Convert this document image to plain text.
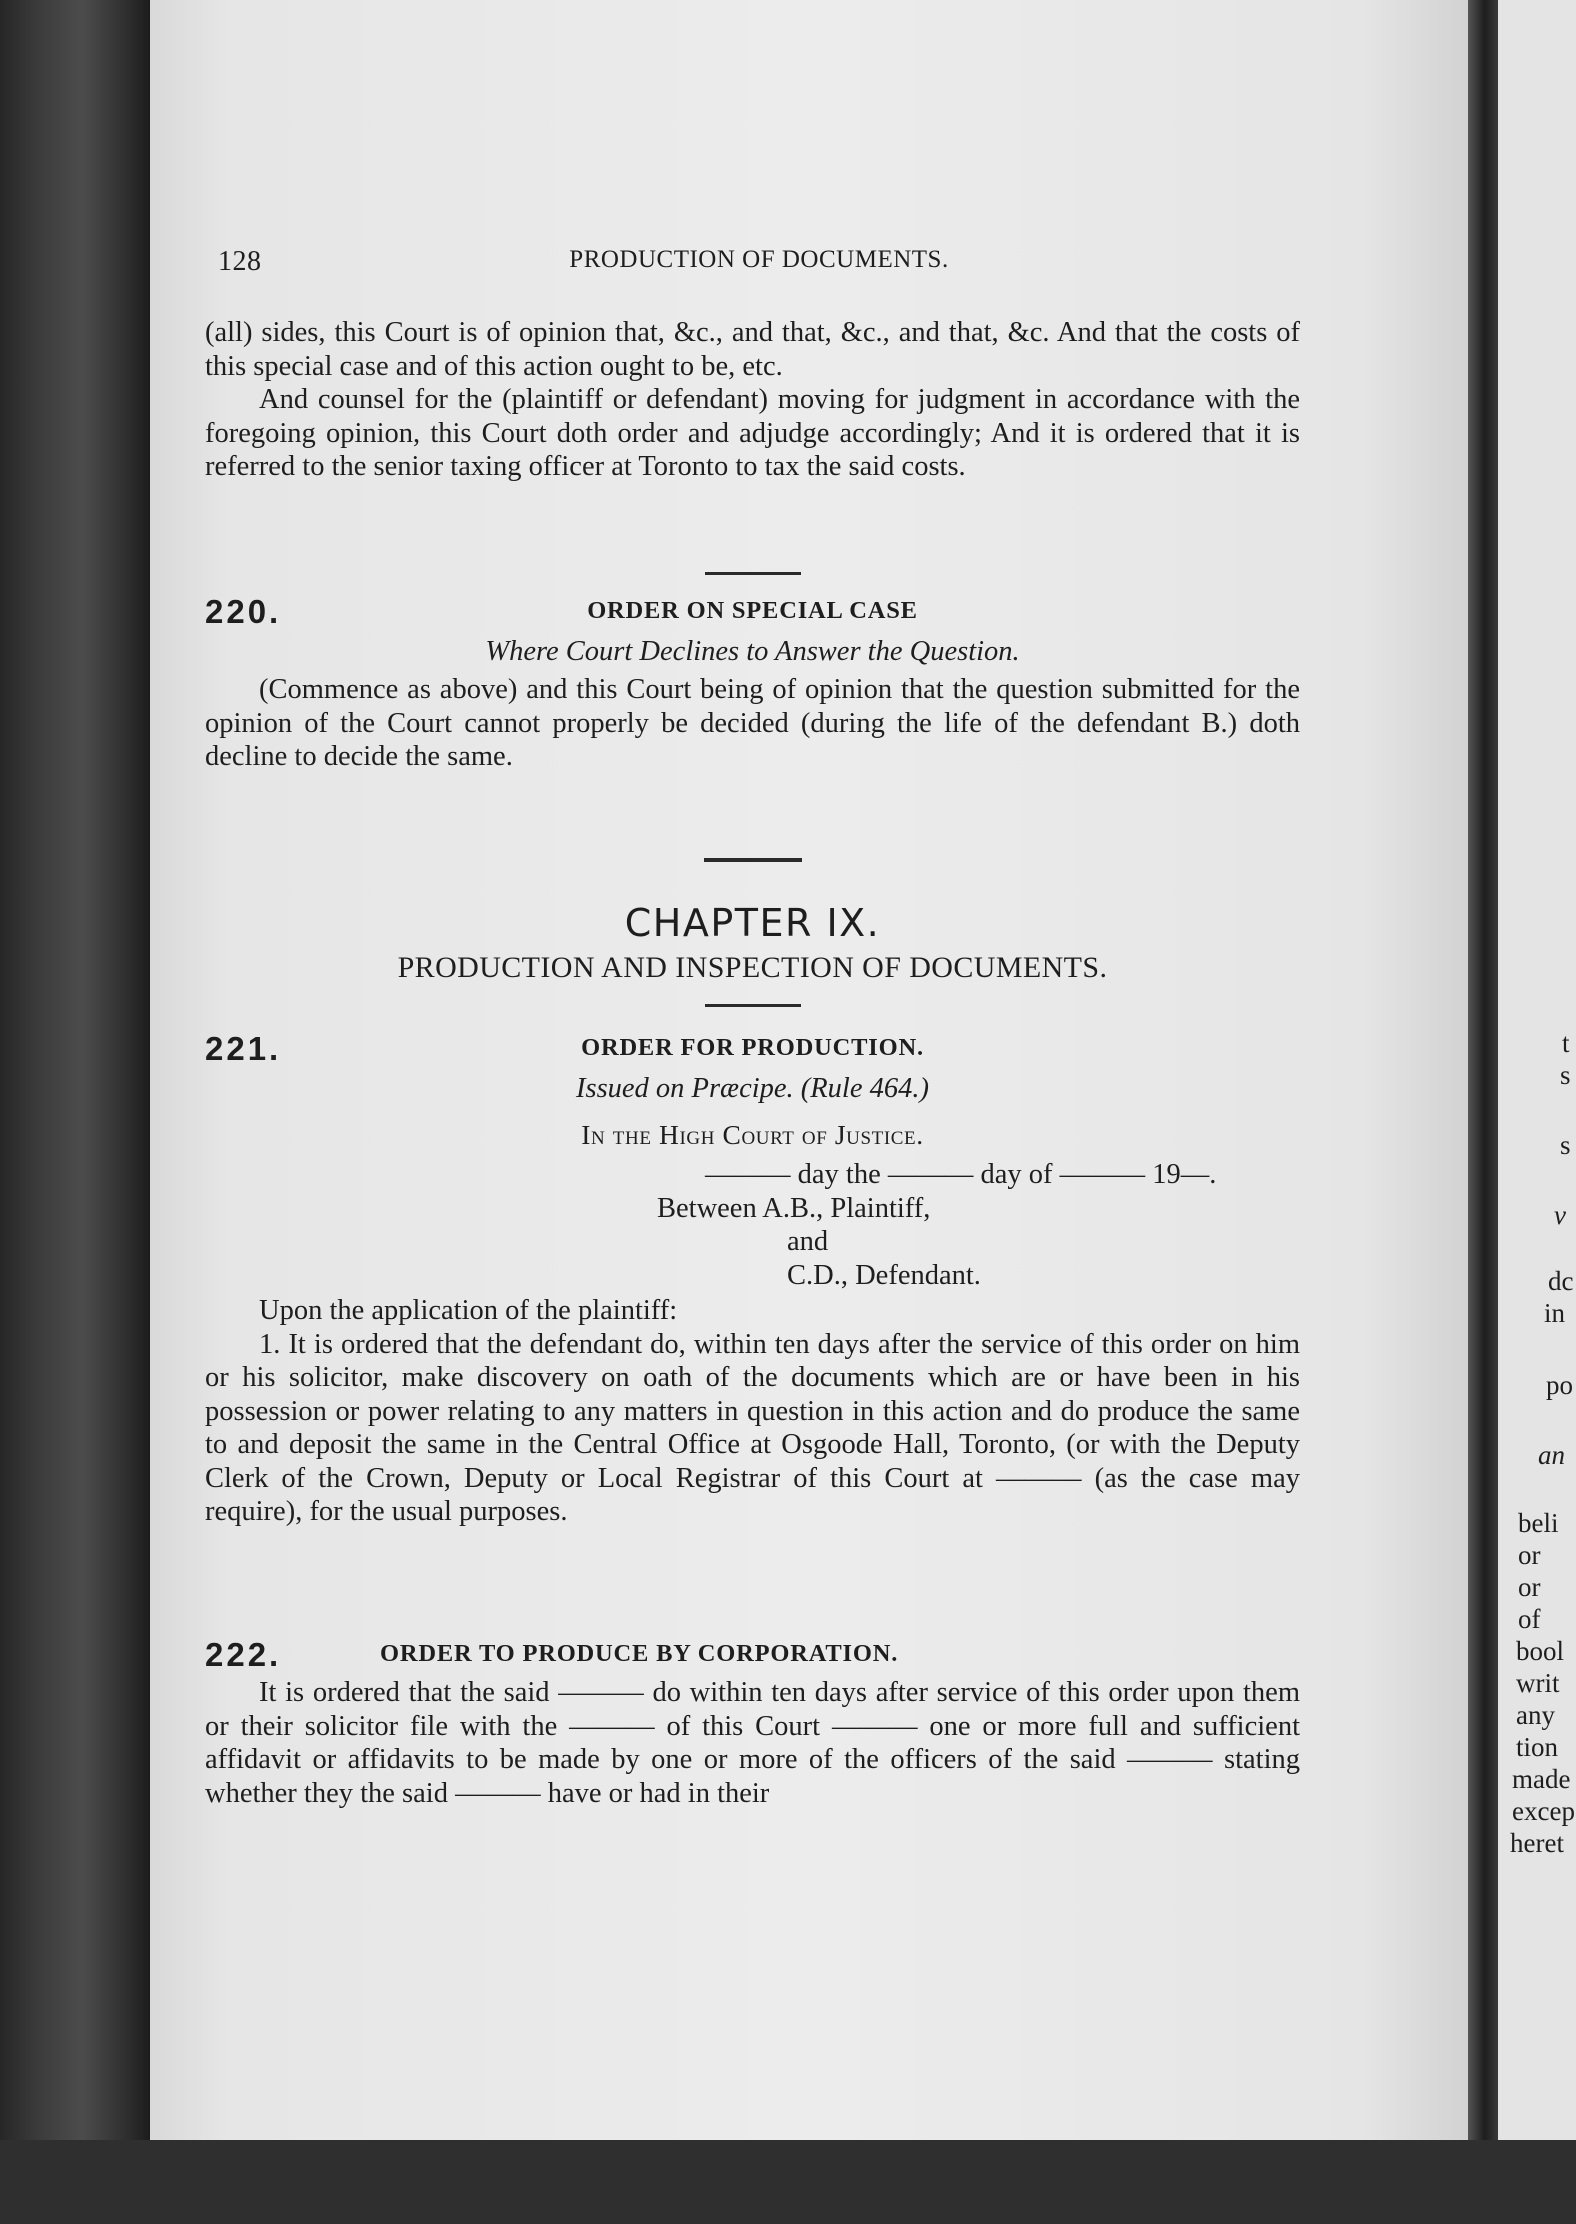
t
s
s
v
dc
in
po
an
beli
or
or
of
bool
writ
any
tion
made
excep
heret
128	PRODUCTION OF DOCUMENTS.

(all) sides, this Court is of opinion that, &c., and that, &c., and that, &c. And that the costs of this special case and of this action ought to be, etc.

And counsel for the (plaintiff or defendant) moving for judgment in accordance with the foregoing opinion, this Court doth order and adjudge accordingly; And it is ordered that it is referred to the senior taxing officer at Toronto to tax the said costs.

220.	ORDER ON SPECIAL CASE
Where Court Declines to Answer the Question.

(Commence as above) and this Court being of opinion that the question submitted for the opinion of the Court cannot properly be decided (during the life of the defendant B.) doth decline to decide the same.

CHAPTER IX.
PRODUCTION AND INSPECTION OF DOCUMENTS.
221.	ORDER FOR PRODUCTION.
Issued on Præcipe. (Rule 464.)
In the High Court of Justice.
——— day the ——— day of ——— 19—.
Between A.B., Plaintiff,
and
C.D., Defendant.
Upon the application of the plaintiff:

1. It is ordered that the defendant do, within ten days after the service of this order on him or his solicitor, make discovery on oath of the documents which are or have been in his possession or power relating to any matters in question in this action and do produce the same to and deposit the same in the Central Office at Osgoode Hall, Toronto, (or with the Deputy Clerk of the Crown, Deputy or Local Registrar of this Court at ——— (as the case may require), for the usual purposes.

222.	ORDER TO PRODUCE BY CORPORATION.

It is ordered that the said ——— do within ten days after service of this order upon them or their solicitor file with the ——— of this Court ——— one or more full and sufficient affidavit or affidavits to be made by one or more of the officers of the said ——— stating whether they the said ——— have or had in their
